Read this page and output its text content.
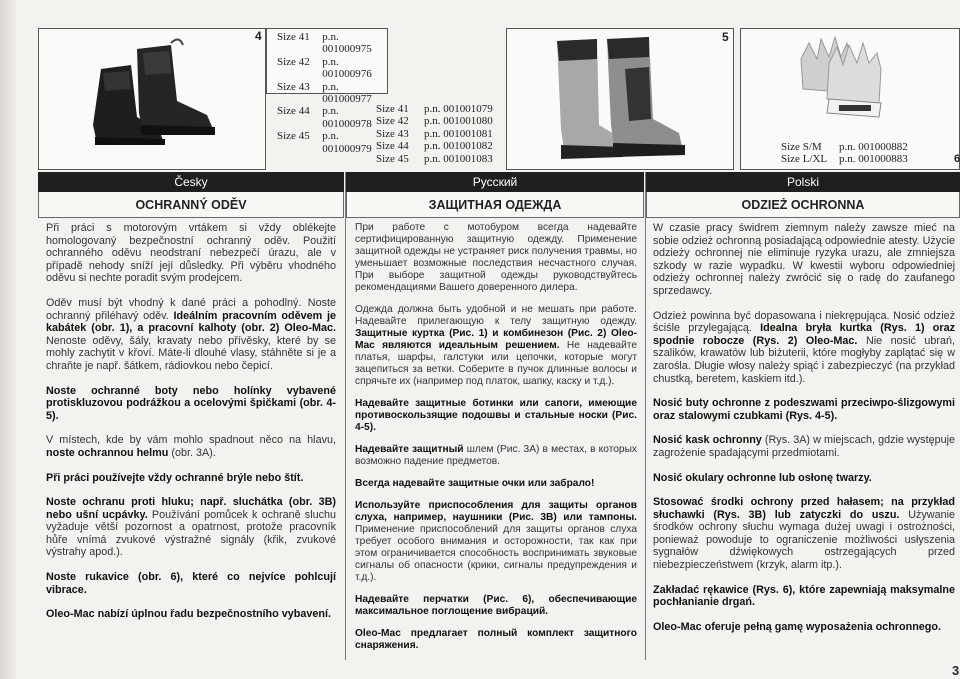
4 Size 41	p.n. 001000975
Size 42	p.n. 001000976
Size 43	p.n. 001000977
Size 44	p.n. 001000978
Size 45	p.n. 001000979
Size 41	p.n. 001001079
Size 42	p.n. 001001080
Size 43	p.n. 001001081
Size 44	p.n. 001001082
Size 45	p.n. 001001083
5
Size S/M	p.n. 001000882
Size L/XL	p.n. 001000883	6
Česky	Русский	Polski
OCHRANNÝ ODĚV	ЗАЩИТНАЯ ОДЕЖДА	ODZIEŻ OCHRONNA

Při práci s motorovým vrtákem si vždy oblékejte homologovaný bezpečnostní ochranný oděv. Použití ochranného oděvu neodstraní nebezpečí úrazu, ale v případě nehody sníží její důsledky. Při výběru vhodného oděvu si nechte poradit svým prodejcem.

Oděv musí být vhodný k dané práci a pohodlný. Noste ochranný přiléhavý oděv. Ideálním pracovním oděvem je kabátek (obr. 1), a pracovní kalhoty (obr. 2) Oleo-Mac. Nenoste oděvy, šály, kravaty nebo přívěsky, které by se mohly zachytit v křoví. Máte-li dlouhé vlasy, stáhněte si je a chraňte je např. šátkem, rádiovkou nebo čepicí.

Noste ochranné boty nebo holínky vybavené protiskluzovou podrážkou a ocelovými špičkami (obr. 4-5).

V místech, kde by vám mohlo spadnout něco na hlavu, noste ochrannou helmu (obr. 3A).

Při práci používejte vždy ochranné brýle nebo štít.

Noste ochranu proti hluku; např. sluchátka (obr. 3B) nebo ušní ucpávky. Používání pomůcek k ochraně sluchu vyžaduje větší pozornost a opatrnost, protože pracovník hůře vnímá zvukové výstražné signály (křik, zvukové výstrahy apod.).

Noste rukavice (obr. 6), které co nejvíce pohlcují vibrace.

Oleo-Mac nabízí úplnou řadu bezpečnostního vybavení.

При работе с мотобуром всегда надевайте сертифицированную защитную одежду. Применение защитной одежды не устраняет риск получения травмы, но уменьшает возможные последствия несчастного случая. При выборе защитной одежды руководствуйтесь рекомендациями Вашего доверенного дилера.

Одежда должна быть удобной и не мешать при работе. Надевайте прилегающую к телу защитную одежду. Защитные куртка (Рис. 1) и комбинезон (Рис. 2) Oleo-Mac являются идеальным решением. Не надевайте платья, шарфы, галстуки или цепочки, которые могут зацепиться за ветки. Соберите в пучок длинные волосы и спрячьте их (например под платок, шапку, каску и т.д.).

Надевайте защитные ботинки или сапоги, имеющие противоскользящие подошвы и стальные носки (Рис. 4-5).

Надевайте защитный шлем (Рис. 3А) в местах, в которых возможно падение предметов.

Всегда надевайте защитные очки или забрало!

Используйте приспособления для защиты органов слуха, например, наушники (Рис. 3B) или тампоны. Применение приспособлений для защиты органов слуха требует особого внимания и осторожности, так как при этом ограничивается способность воспринимать звуковые сигналы об опасности (крики, сигналы предупреждения и т.д.).

Надевайте перчатки (Рис. 6), обеспечивающие максимальное поглощение вибраций.

Oleo-Mac предлагает полный комплект защитного снаряжения.

W czasie pracy świdrem ziemnym należy zawsze mieć na sobie odzież ochronną posiadającą odpowiednie atesty. Użycie odzieży ochronnej nie eliminuje ryzyka urazu, ale zmniejsza szkody w razie wypadku. W kwestii wyboru odpowiedniej odzieży ochronnej należy zwrócić się o radę do zaufanego sprzedawcy.

Odzież powinna być dopasowana i niekrępująca. Nosić odzież ściśle przylegającą. Idealna bryła kurtka (Rys. 1) oraz spodnie robocze (Rys. 2) Oleo-Mac. Nie nosić ubrań, szalików, krawatów lub biżuterii, które mogłyby zaplątać się w zarośla. Długie włosy należy spiąć i zabezpieczyć (na przykład chustką, beretem, kaskiem itd.).

Nosić buty ochronne z podeszwami przeciwpo-ślizgowymi oraz stalowymi czubkami (Rys. 4-5).

Nosić kask ochronny (Rys. 3A) w miejscach, gdzie występuje zagrożenie spadającymi przedmiotami.

Nosić okulary ochronne lub osłonę twarzy.

Stosować środki ochrony przed hałasem; na przykład słuchawki (Rys. 3B) lub zatyczki do uszu. Używanie środków ochrony słuchu wymaga dużej uwagi i ostrożności, ponieważ powoduje to ograniczenie możliwości usłyszenia sygnałów dźwiękowych ostrzegających przed niebezpieczeństwem (krzyk, alarm itp.).

Zakładać rękawice (Rys. 6), które zapewniają maksymalne pochłanianie drgań.

Oleo-Mac oferuje pełną gamę wyposażenia ochronnego.

3
